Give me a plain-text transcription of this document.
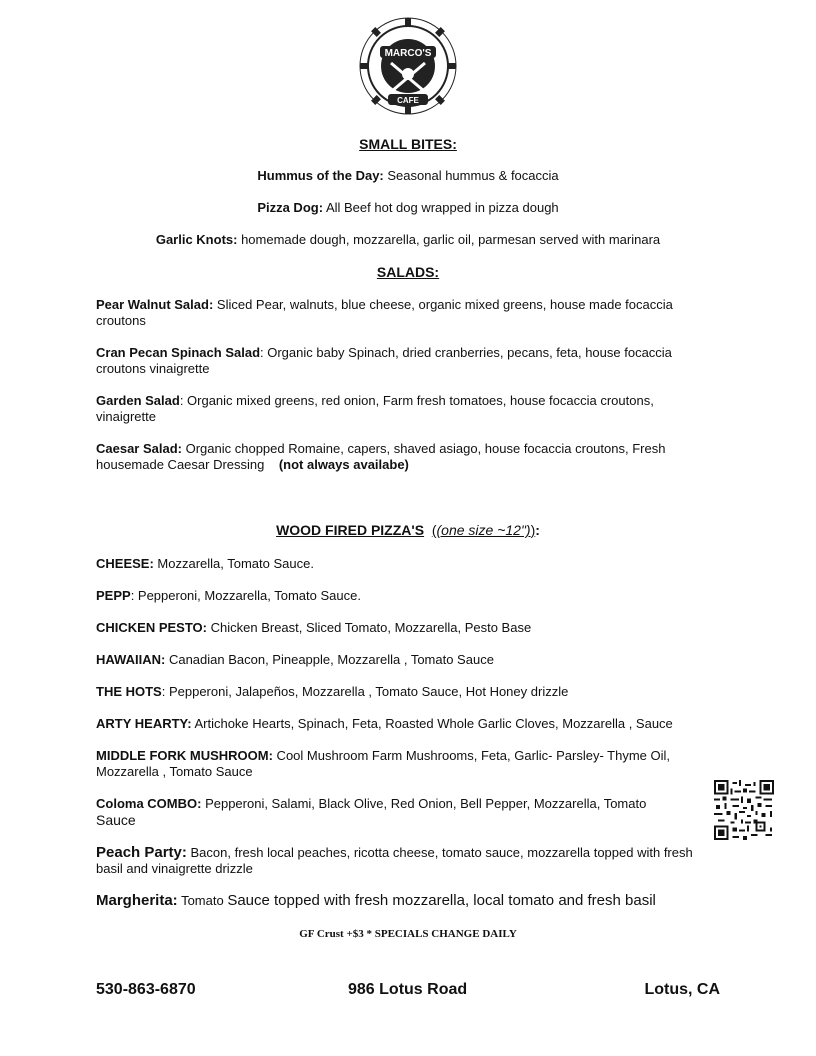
MARCO'S
CAFE
SMALL BITES:
Hummus of the Day: Seasonal hummus & focaccia
Pizza Dog: All Beef hot dog wrapped in pizza dough
Garlic Knots: homemade dough, mozzarella, garlic oil, parmesan served with marinara
SALADS:
Pear Walnut Salad: Sliced Pear, walnuts, blue cheese, organic mixed greens, house made focaccia croutons
Cran Pecan Spinach Salad: Organic baby Spinach, dried cranberries, pecans, feta, house focaccia croutons vinaigrette
Garden Salad: Organic mixed greens, red onion, Farm fresh tomatoes, house focaccia croutons, vinaigrette
Caesar Salad: Organic chopped Romaine, capers, shaved asiago, house focaccia croutons, Fresh housemade Caesar Dressing (not always availabe)
WOOD FIRED PIZZA'S ((one size ~12")):
CHEESE: Mozzarella, Tomato Sauce.
PEPP: Pepperoni, Mozzarella, Tomato Sauce.
CHICKEN PESTO: Chicken Breast, Sliced Tomato, Mozzarella, Pesto Base
HAWAIIAN: Canadian Bacon, Pineapple, Mozzarella , Tomato Sauce
THE HOTS: Pepperoni, Jalapeños, Mozzarella , Tomato Sauce, Hot Honey drizzle
ARTY HEARTY: Artichoke Hearts, Spinach, Feta, Roasted Whole Garlic Cloves, Mozzarella , Sauce
MIDDLE FORK MUSHROOM: Cool Mushroom Farm Mushrooms, Feta, Garlic- Parsley- Thyme Oil, Mozzarella , Tomato Sauce
Coloma COMBO: Pepperoni, Salami, Black Olive, Red Onion, Bell Pepper, Mozzarella, Tomato
Sauce
Peach Party: Bacon, fresh local peaches, ricotta cheese, tomato sauce, mozzarella topped with fresh basil and vinaigrette drizzle
Margherita: Tomato Sauce topped with fresh mozzarella, local tomato and fresh basil
GF Crust +$3 * SPECIALS CHANGE DAILY
530-863-6870	986 Lotus Road	Lotus, CA
